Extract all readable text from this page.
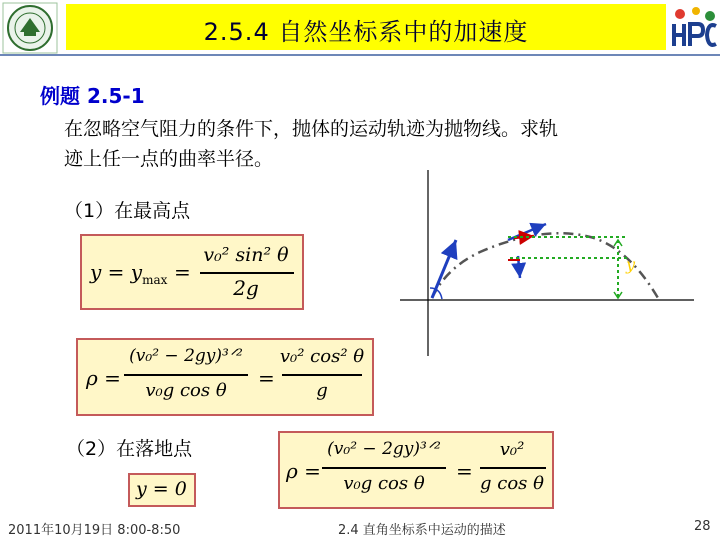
2.5.4 自然坐标系中的加速度
例题 2.5-1
在忽略空气阻力的条件下，抛体的运动轨迹为抛物线。求轨
迹上任一点的曲率半径。
（1）在最高点
$y = y_{max}$ =
v₀² sin² θ
2g
ρ =
(v₀² − 2gy)³ᐟ²
v₀g cos θ
=
v₀² cos² θ
g
（2）在落地点
y = 0
ρ =
(v₀² − 2gy)³ᐟ²
v₀g cos θ
=
v₀²
g cos θ
y
2011年10月19日 8:00-8:50	2.4 直角坐标系中运动的描述	28
